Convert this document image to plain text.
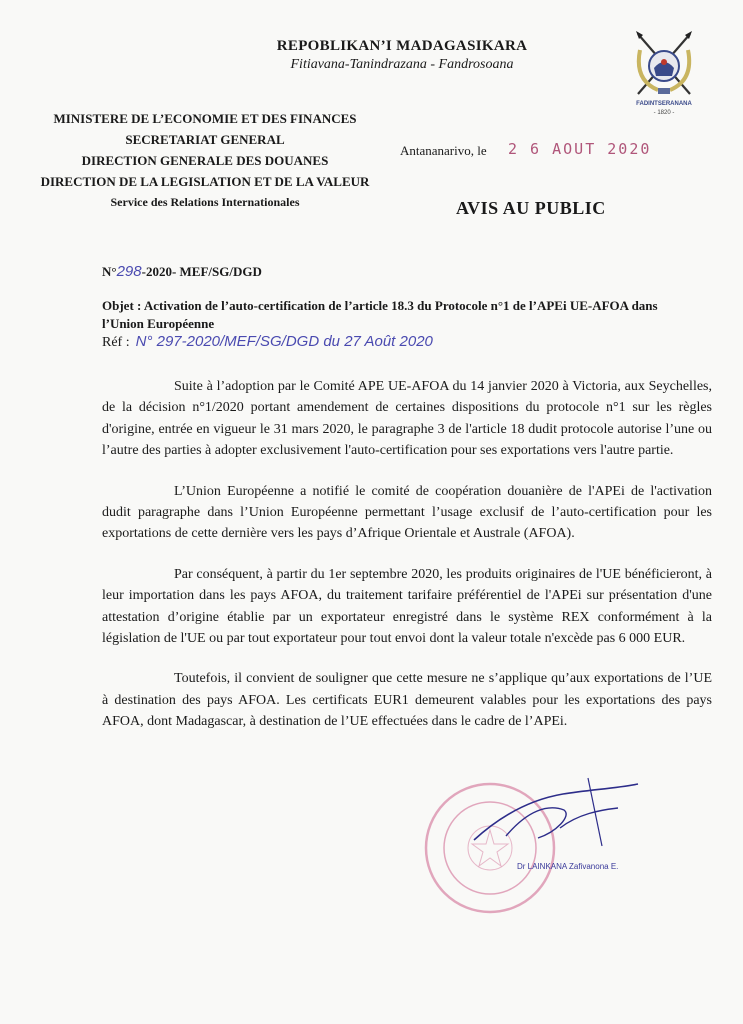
REPOBLIKAN’I MADAGASIKARA
Fitiavana-Tanindrazana - Fandrosoana
FADINTSERANANA
- 1820 -
MINISTERE DE L’ECONOMIE ET DES FINANCES
SECRETARIAT GENERAL
DIRECTION GENERALE DES DOUANES
DIRECTION DE LA LEGISLATION ET DE LA VALEUR
Service des Relations Internationales
Antananarivo, le 2 6 AOUT 2020
AVIS AU PUBLIC
N°298-2020- MEF/SG/DGD
Objet : Activation de l’auto-certification de l’article 18.3 du Protocole n°1 de l’APEi UE-AFOA dans l’Union Européenne
Réf : N° 297-2020/MEF/SG/DGD du 27 Août 2020

Suite à l’adoption par le Comité APE UE-AFOA du 14 janvier 2020 à Victoria, aux Seychelles, de la décision n°1/2020 portant amendement de certaines dispositions du protocole n°1 sur les règles d'origine, entrée en vigueur le 31 mars 2020, le paragraphe 3 de l'article 18 dudit protocole autorise l’une ou l’autre des parties à adopter exclusivement l'auto-certification pour ses exportations vers l'autre partie.

L’Union Européenne a notifié le comité de coopération douanière de l'APEi de l'activation dudit paragraphe dans l’Union Européenne permettant l’usage exclusif de l’auto-certification pour les exportations de cette dernière vers les pays d’Afrique Orientale et Australe (AFOA).

Par conséquent, à partir du 1er septembre 2020, les produits originaires de l'UE bénéficieront, à leur importation dans les pays AFOA, du traitement tarifaire préférentiel de l'APEi sur présentation d'une attestation d’origine établie par un exportateur enregistré dans le système REX conformément à la législation de l'UE ou par tout exportateur pour tout envoi dont la valeur totale n'excède pas 6 000 EUR.

Toutefois, il convient de souligner que cette mesure ne s’applique qu’aux exportations de l’UE à destination des pays AFOA. Les certificats EUR1 demeurent valables pour les exportations des pays AFOA, dont Madagascar, à destination de l’UE effectuées dans le cadre de l’APEi.

Dr LAINKANA Zafivanona E.
